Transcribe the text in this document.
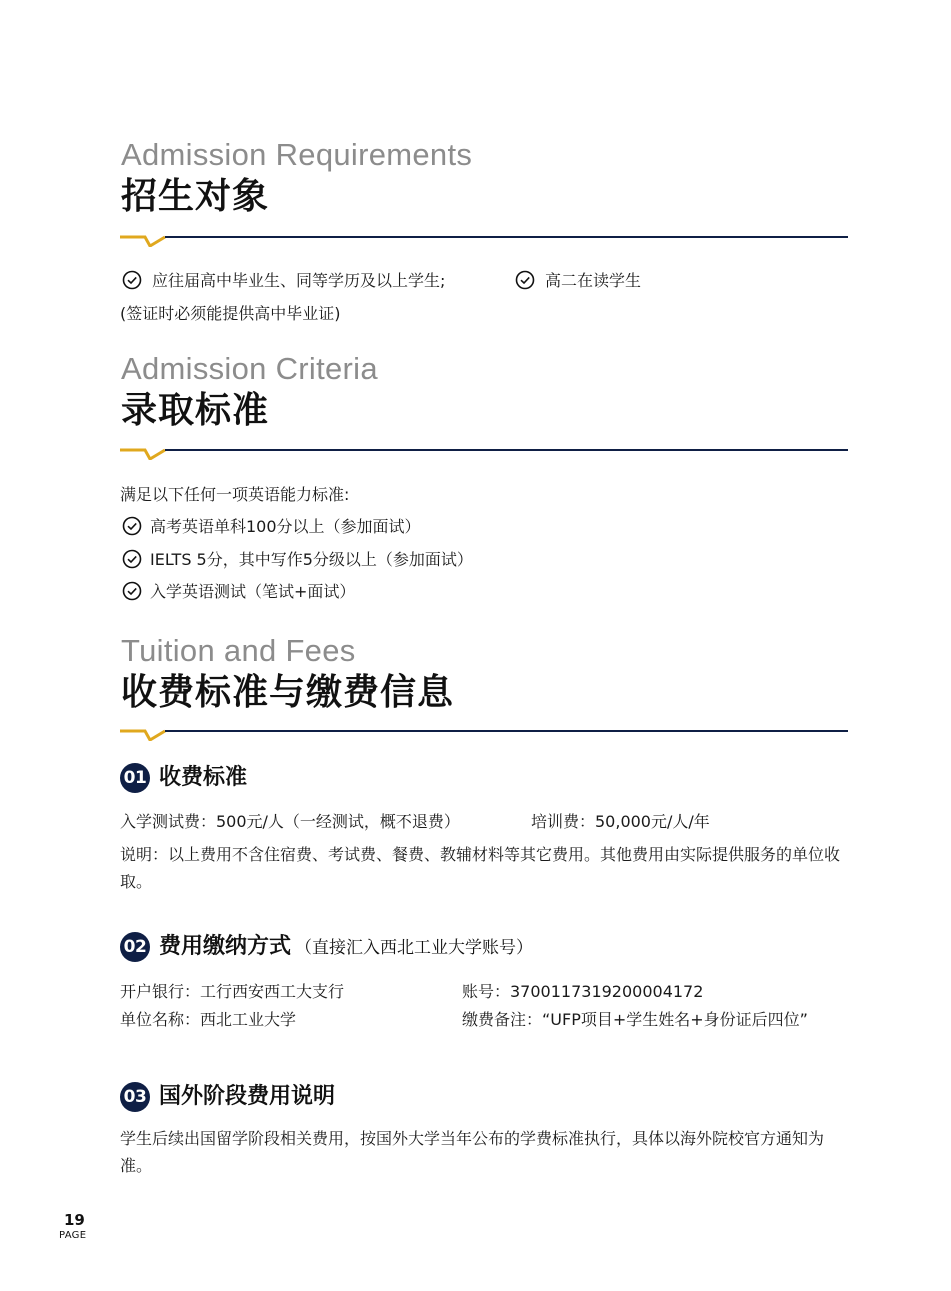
Admission Requirements
招生对象
应往届高中毕业生、同等学历及以上学生;	高二在读学生
(签证时必须能提供高中毕业证)
Admission Criteria
录取标准
满足以下任何一项英语能力标准:
高考英语单科100分以上（参加面试）
IELTS 5分，其中写作5分级以上（参加面试）
入学英语测试（笔试+面试）
Tuition and Fees
收费标准与缴费信息
01 收费标准
入学测试费：500元/人（一经测试，概不退费）	培训费：50,000元/人/年
说明：以上费用不含住宿费、考试费、餐费、教辅材料等其它费用。其他费用由实际提供服务的单位收取。
02 费用缴纳方式 （直接汇入西北工业大学账号）
开户银行：工行西安西工大支行	账号：3700117319200004172
单位名称：西北工业大学	缴费备注：“UFP项目+学生姓名+身份证后四位”
03 国外阶段费用说明
学生后续出国留学阶段相关费用，按国外大学当年公布的学费标准执行，具体以海外院校官方通知为准。
19
PAGE
